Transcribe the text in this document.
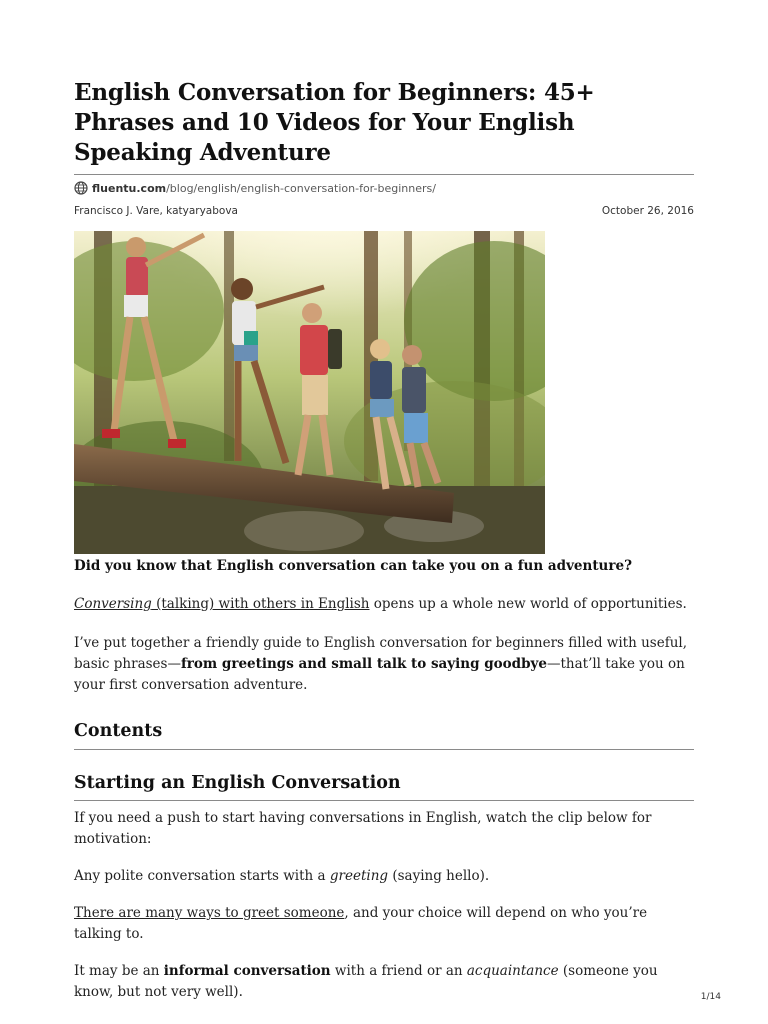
English Conversation for Beginners: 45+ Phrases and 10 Videos for Your English Speaking Adventure
fluentu.com /blog/english/english-conversation-for-beginners/
Francisco J. Vare, katyaryabova	October 26, 2016

Did you know that English conversation can take you on a fun adventure?

Conversing (talking) with others in English opens up a whole new world of opportunities.

I’ve put together a friendly guide to English conversation for beginners filled with useful, basic phrases—from greetings and small talk to saying goodbye—that’ll take you on your first conversation adventure.

Contents
Starting an English Conversation

If you need a push to start having conversations in English, watch the clip below for motivation:

Any polite conversation starts with a greeting (saying hello).

There are many ways to greet someone, and your choice will depend on who you’re talking to.

It may be an informal conversation with a friend or an acquaintance (someone you know, but not very well).	1/14
